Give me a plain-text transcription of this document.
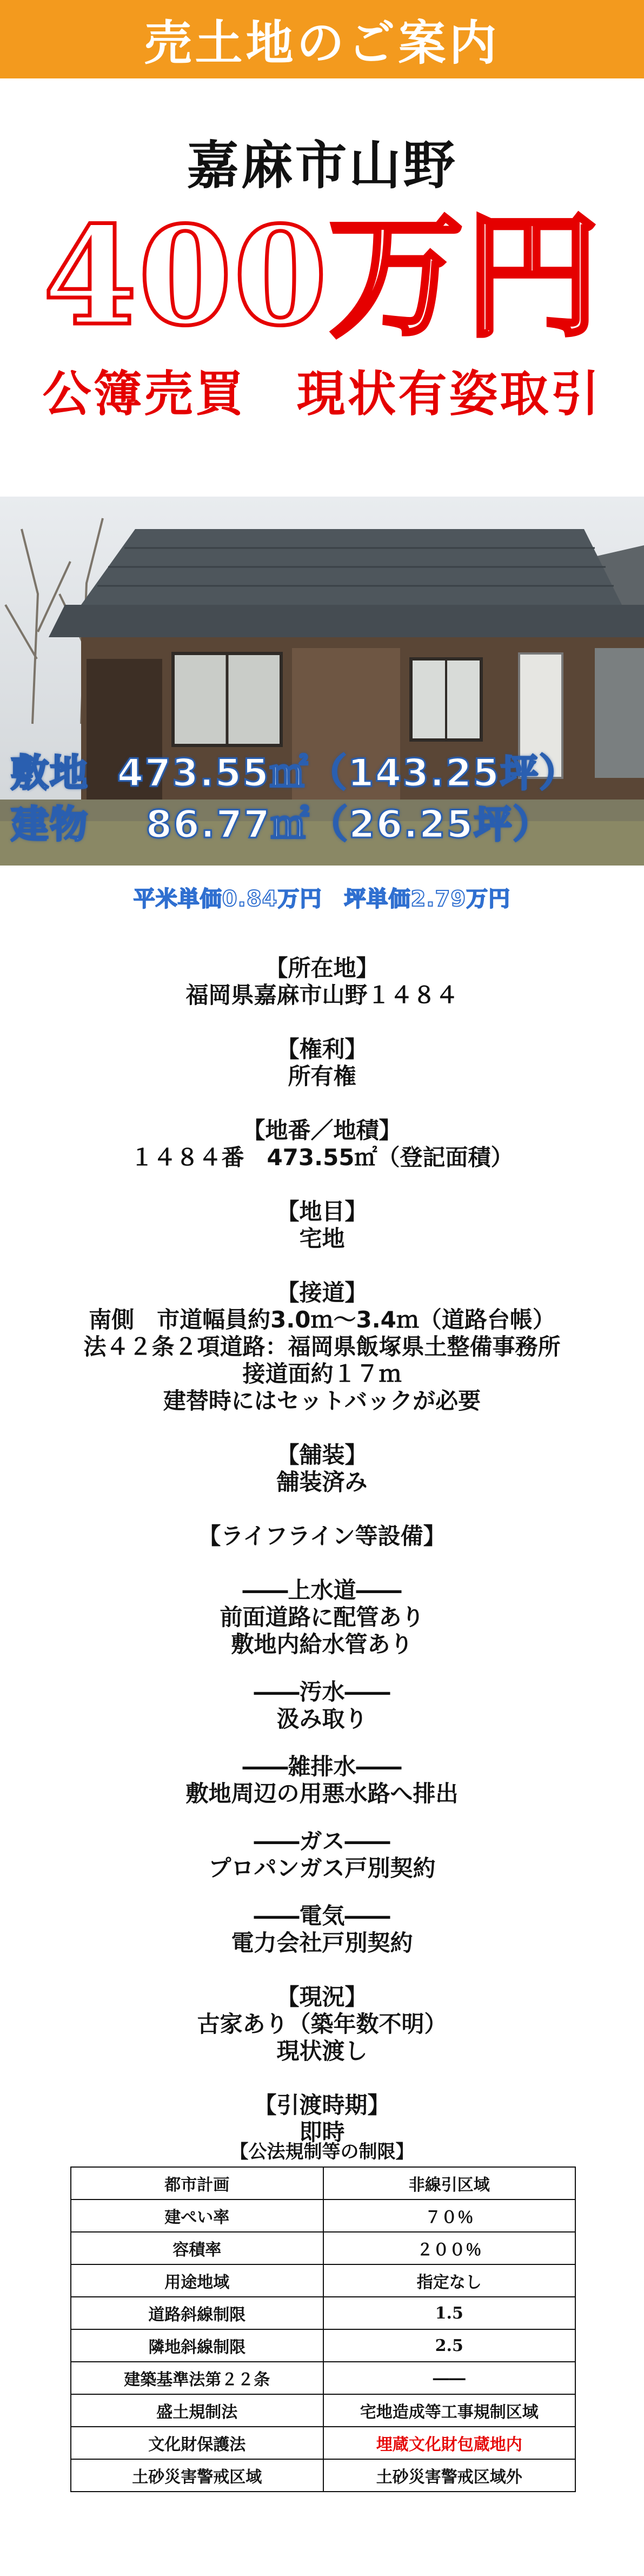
売土地のご案内
嘉麻市山野
400万円
公簿売買　現状有姿取引
敷地  473.55㎡（143.25坪）
建物    86.77㎡（26.25坪）
平米単価0.84万円　坪単価2.79万円
【所在地】
福岡県嘉麻市山野１４８４
【権利】
所有権
【地番／地積】
１４８４番　473.55㎡（登記面積）
【地目】
宅地
【接道】
南側　市道幅員約3.0ｍ～3.4ｍ（道路台帳）
法４２条２項道路：福岡県飯塚県土整備事務所
接道面約１７ｍ
建替時にはセットバックが必要
【舗装】
舗装済み
【ライフライン等設備】
――上水道――
前面道路に配管あり
敷地内給水管あり
――汚水――
汲み取り
――雑排水――
敷地周辺の用悪水路へ排出
――ガス――
プロパンガス戸別契約
――電気――
電力会社戸別契約
【現況】
古家あり（築年数不明）
現状渡し
【引渡時期】
即時
【公法規制等の制限】
都市計画	非線引区域
建ぺい率	７０％
容積率	２００％
用途地域	指定なし
道路斜線制限	1.5
隣地斜線制限	2.5
建築基準法第２２条	――
盛土規制法	宅地造成等工事規制区域
文化財保護法	埋蔵文化財包蔵地内
土砂災害警戒区域	土砂災害警戒区域外
